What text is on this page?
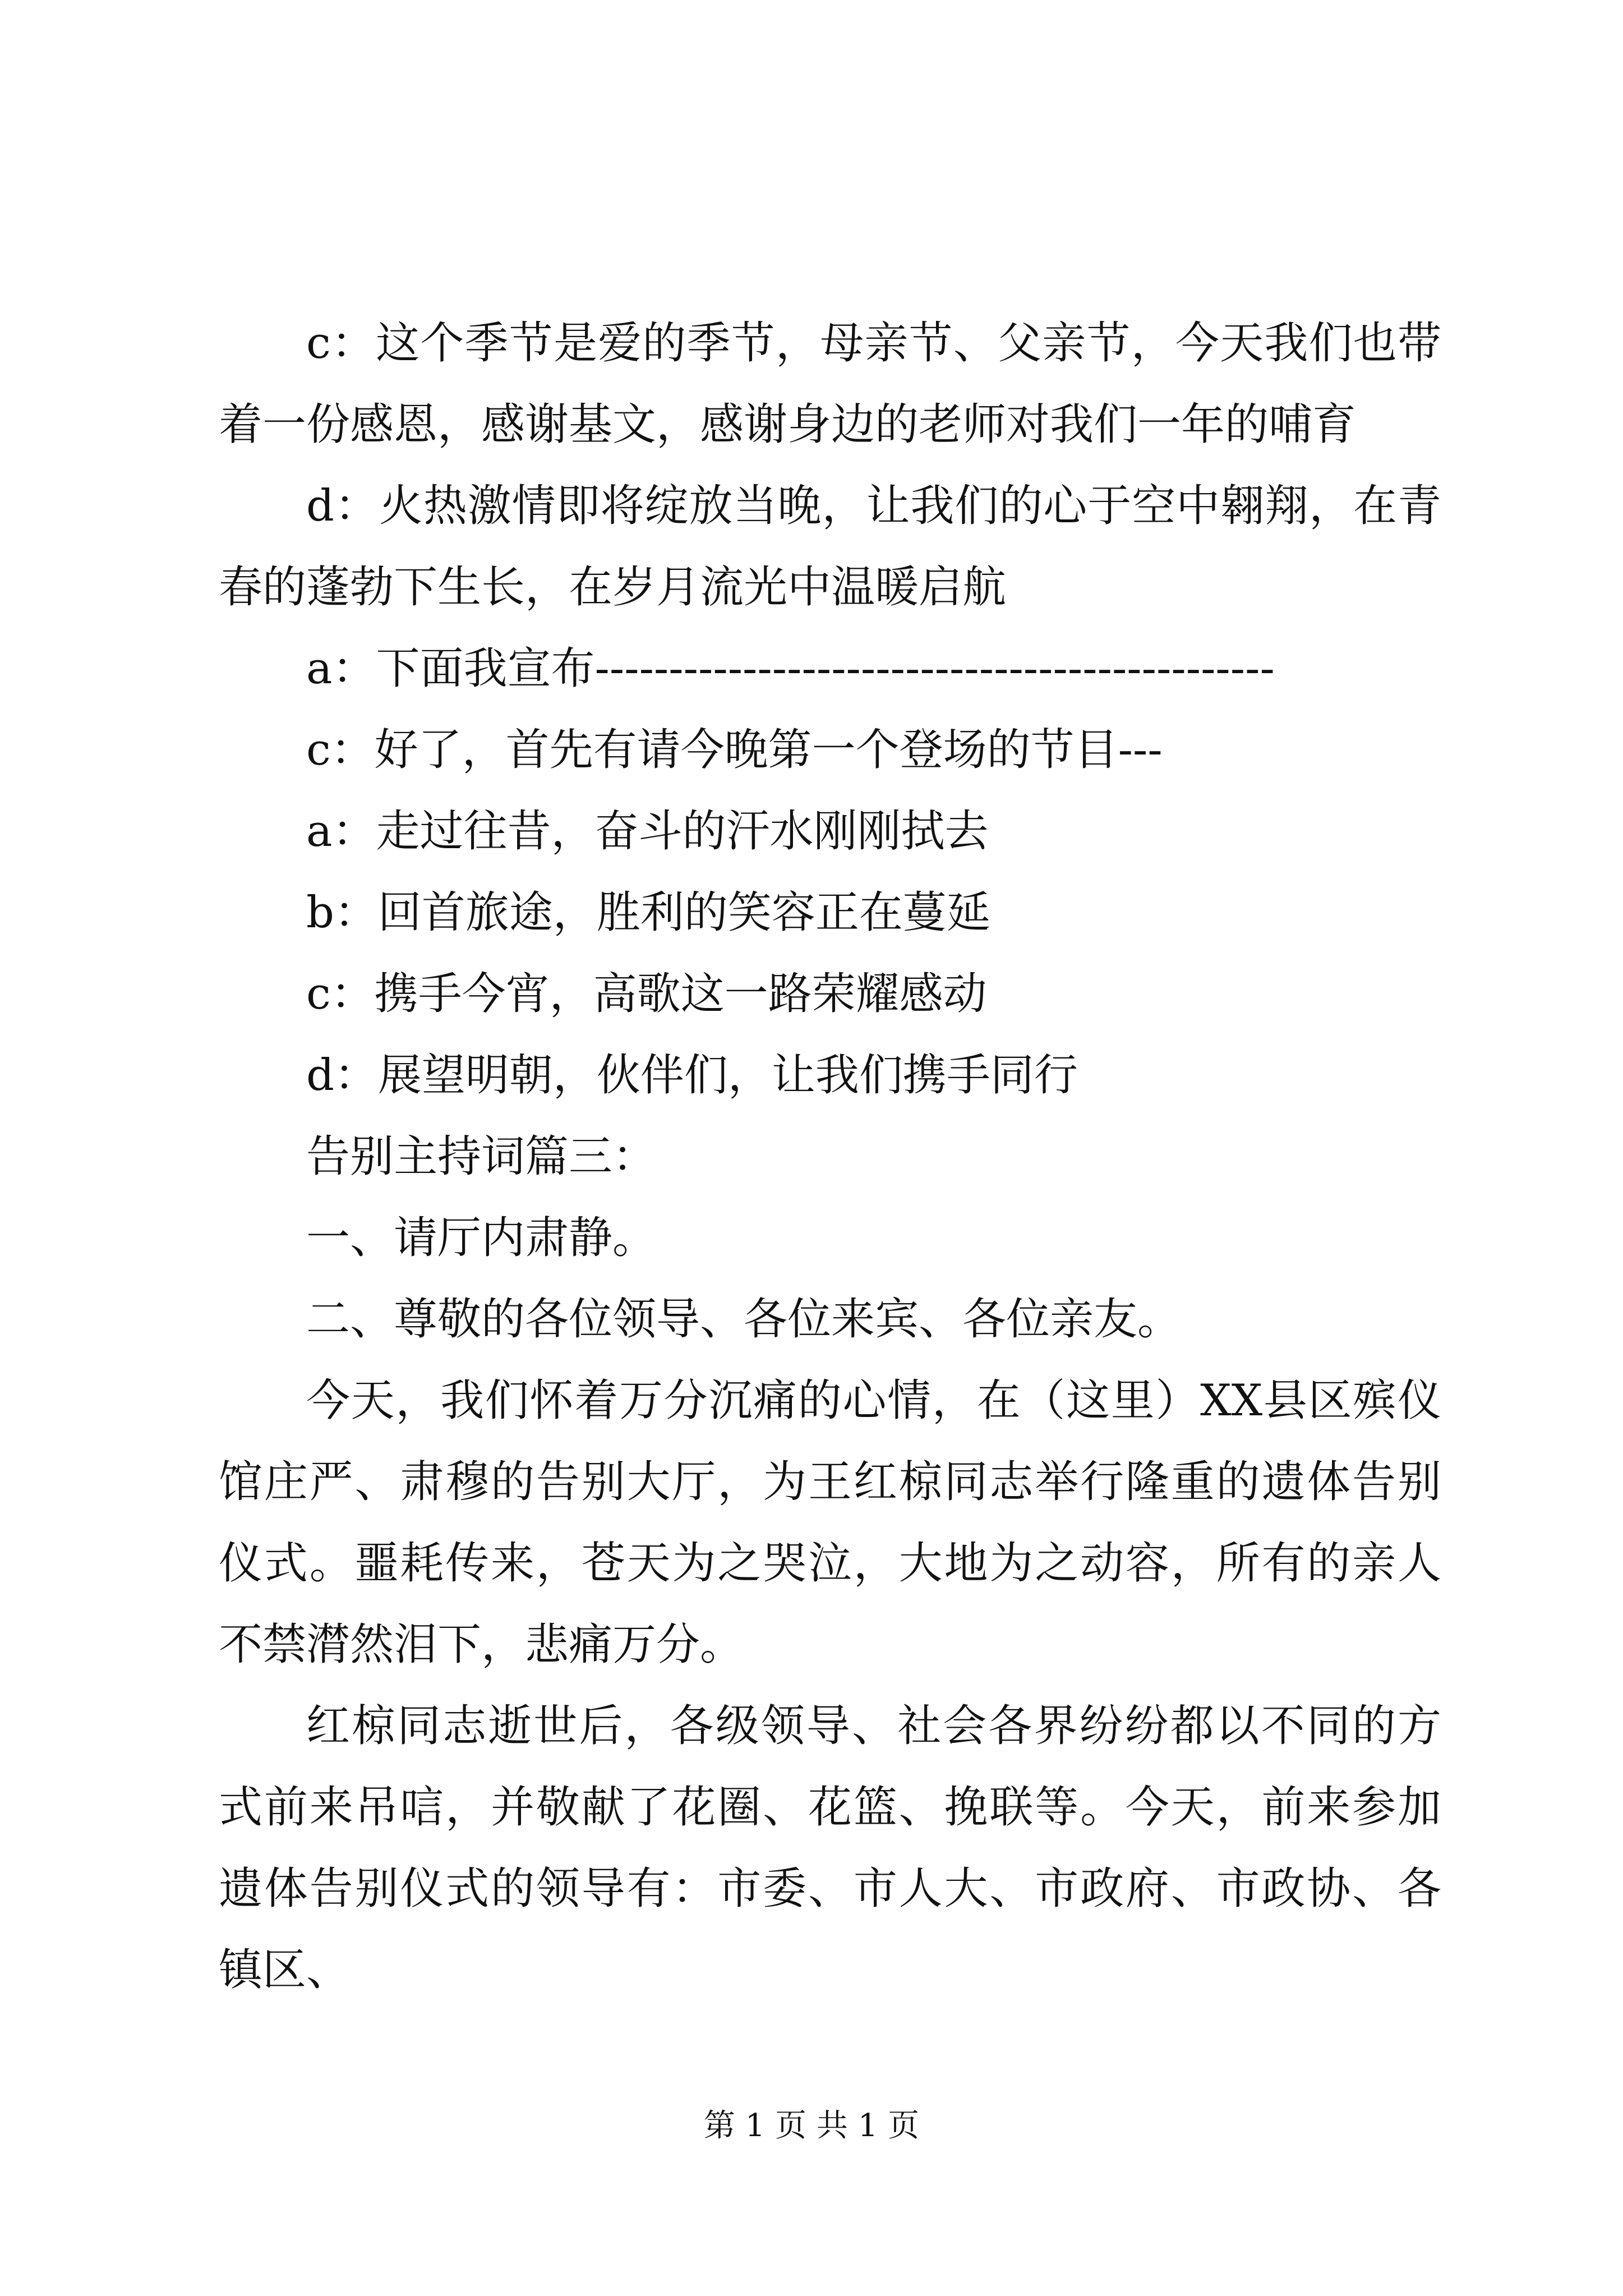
c：这个季节是爱的季节，母亲节、父亲节，今天我们也带着一份感恩，感谢基文，感谢身边的老师对我们一年的哺育

d：火热激情即将绽放当晚，让我们的心于空中翱翔，在青春的蓬勃下生长，在岁月流光中温暖启航

a：下面我宣布----------------------------------------------

c：好了，首先有请今晚第一个登场的节目---

a：走过往昔，奋斗的汗水刚刚拭去

b：回首旅途，胜利的笑容正在蔓延

c：携手今宵，高歌这一路荣耀感动

d：展望明朝，伙伴们，让我们携手同行

告别主持词篇三：

一、请厅内肃静。

二、尊敬的各位领导、各位来宾、各位亲友。

今天，我们怀着万分沉痛的心情，在（这里）XX县区殡仪馆庄严、肃穆的告别大厅，为王红椋同志举行隆重的遗体告别仪式。噩耗传来，苍天为之哭泣，大地为之动容，所有的亲人不禁潸然泪下，悲痛万分。

红椋同志逝世后，各级领导、社会各界纷纷都以不同的方式前来吊唁，并敬献了花圈、花篮、挽联等。今天，前来参加遗体告别仪式的领导有：市委、市人大、市政府、市政协、各镇区、

第 1 页 共 1 页
